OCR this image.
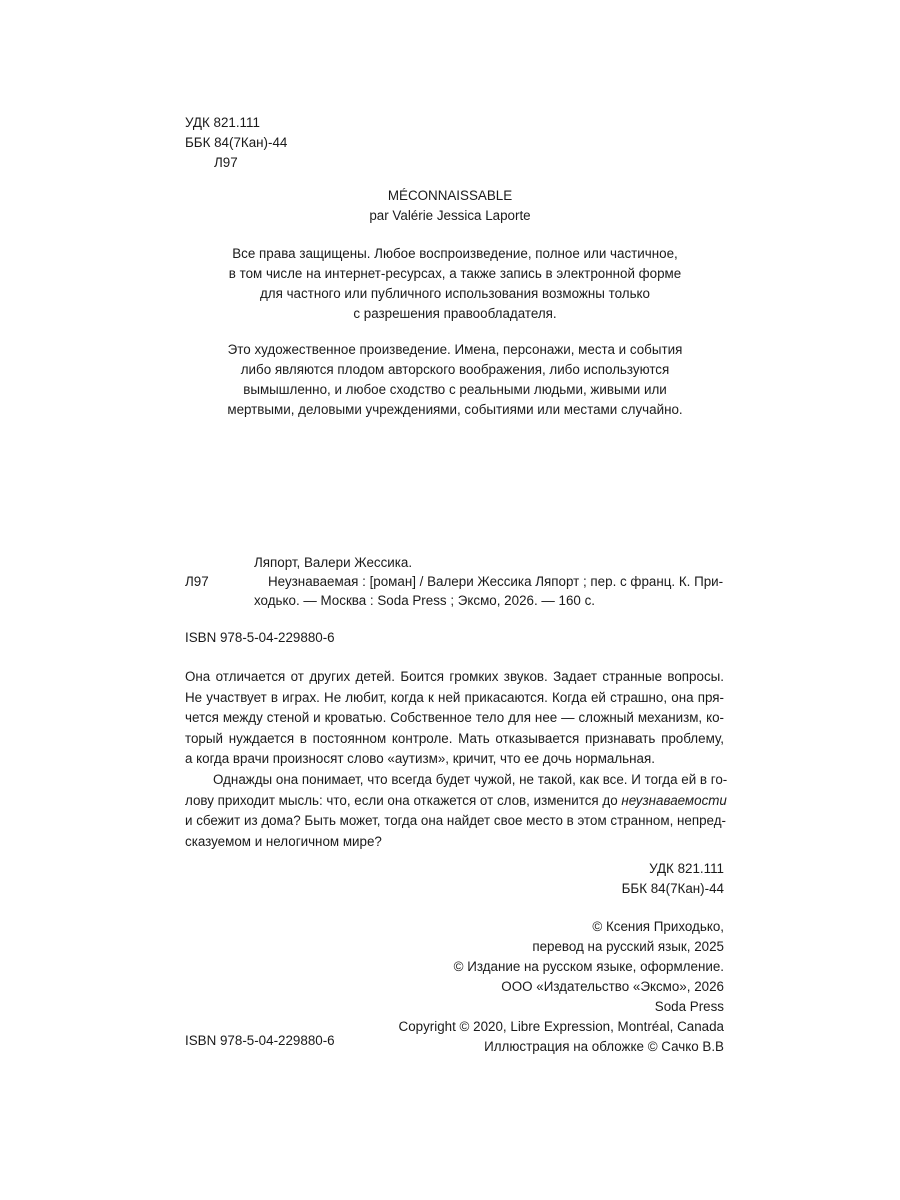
УДК 821.111
ББК 84(7Кан)-44
Л97
MÉCONNAISSABLE
par Valérie Jessica Laporte
Все права защищены. Любое воспроизведение, полное или частичное,
в том числе на интернет-ресурсах, а также запись в электронной форме
для частного или публичного использования возможны только
с разрешения правообладателя.
Это художественное произведение. Имена, персонажи, места и события
либо являются плодом авторского воображения, либо используются
вымышленно, и любое сходство с реальными людьми, живыми или
мертвыми, деловыми учреждениями, событиями или местами случайно.
Ляпорт, Валери Жессика.
Л97	Неузнаваемая : [роман] / Валери Жессика Ляпорт ; пер. с франц. К. При-
ходько. — Москва : Soda Press ; Эксмо, 2026. — 160 с.
ISBN 978-5-04-229880-6
Она отличается от других детей. Боится громких звуков. Задает странные вопросы.
Не участвует в играх. Не любит, когда к ней прикасаются. Когда ей страшно, она пря-
чется между стеной и кроватью. Собственное тело для нее — сложный механизм, ко-
торый нуждается в постоянном контроле. Мать отказывается признавать проблему,
а когда врачи произносят слово «аутизм», кричит, что ее дочь нормальная.
Однажды она понимает, что всегда будет чужой, не такой, как все. И тогда ей в го-
лову приходит мысль: что, если она откажется от слов, изменится до неузнаваемости
и сбежит из дома? Быть может, тогда она найдет свое место в этом странном, непред-
сказуемом и нелогичном мире?
УДК 821.111
ББК 84(7Кан)-44
© Ксения Приходько,
перевод на русский язык, 2025
© Издание на русском языке, оформление.
ООО «Издательство «Эксмо», 2026
Soda Press
Copyright © 2020, Libre Expression, Montréal, Canada
Иллюстрация на обложке © Сачко В.В
ISBN 978-5-04-229880-6
